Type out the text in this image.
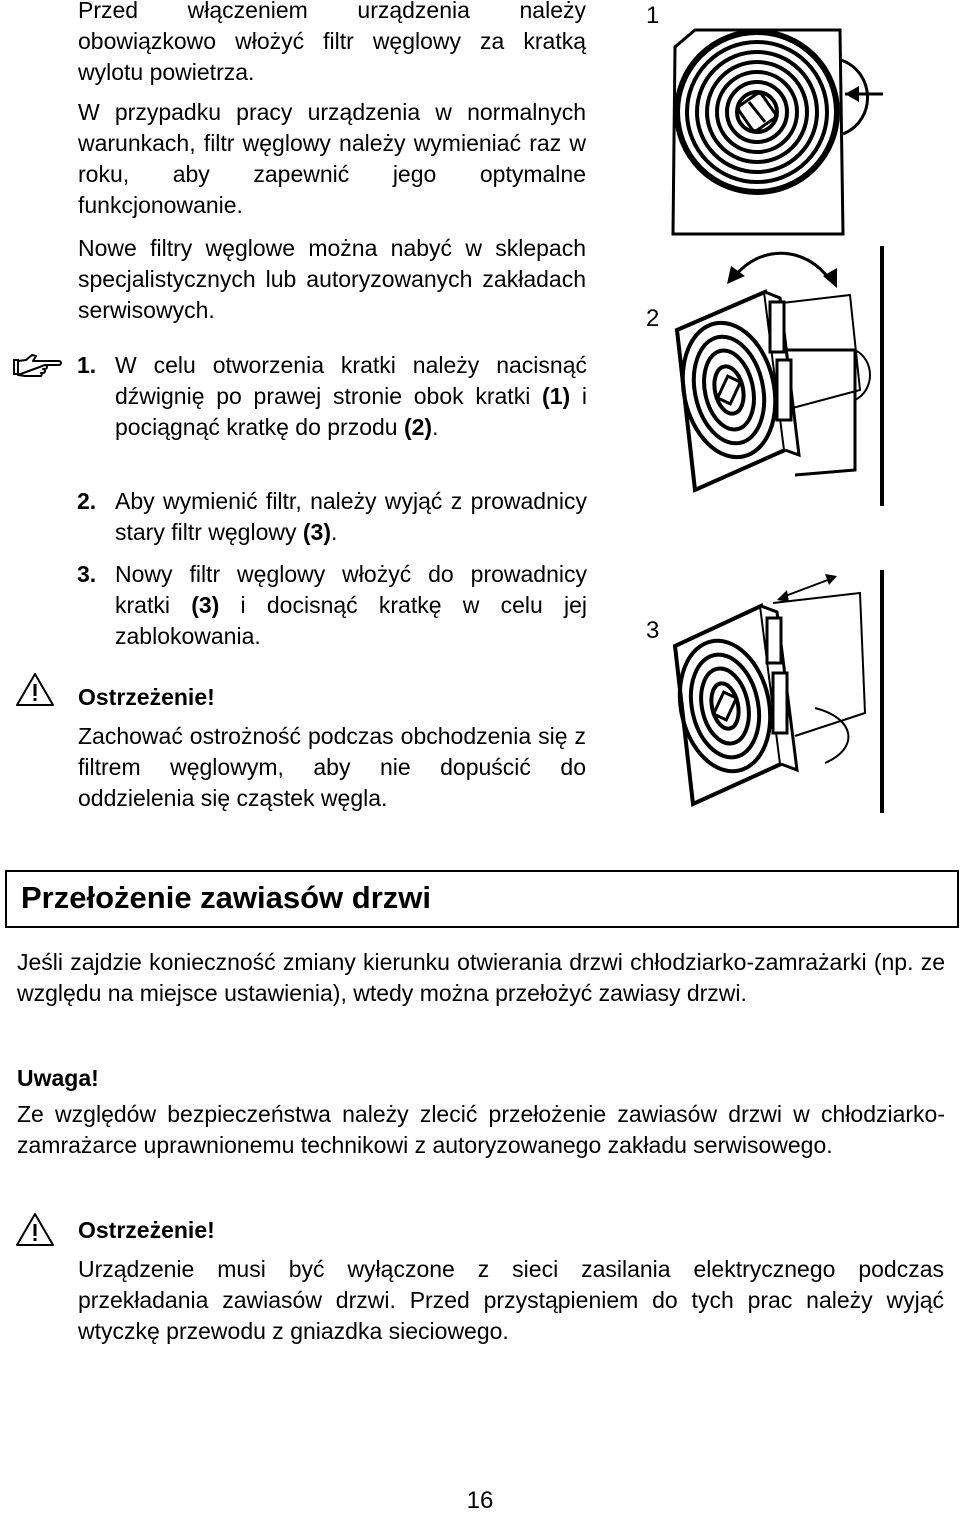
Przed włączeniem urządzenia należy obowiązkowo włożyć filtr węglowy za kratką wylotu powietrza.

W przypadku pracy urządzenia w normalnych warunkach, filtr węglowy należy wymieniać raz w roku, aby zapewnić jego optymalne funkcjonowanie.

Nowe filtry węglowe można nabyć w sklepach specjalistycznych lub autoryzowanych zakładach serwisowych.

1. W celu otworzenia kratki należy nacisnąć dźwignię po prawej stronie obok kratki (1) i pociągnąć kratkę do przodu (2).
2. Aby wymienić filtr, należy wyjąć z prowadnicy stary filtr węglowy (3).
3. Nowy filtr węglowy włożyć do prowadnicy kratki (3) i docisnąć kratkę w celu jej zablokowania.

Ostrzeżenie!

Zachować ostrożność podczas obchodzenia się z filtrem węglowym, aby nie dopuścić do oddzielenia się cząstek węgla.

1
2
3
Przełożenie zawiasów drzwi

Jeśli zajdzie konieczność zmiany kierunku otwierania drzwi chłodziarko-zamrażarki (np. ze względu na miejsce ustawienia), wtedy można przełożyć zawiasy drzwi.

Uwaga!

Ze względów bezpieczeństwa należy zlecić przełożenie zawiasów drzwi w chłodziarko-zamrażarce uprawnionemu technikowi z autoryzowanego zakładu serwisowego.

Ostrzeżenie!

Urządzenie musi być wyłączone z sieci zasilania elektrycznego podczas przekładania zawiasów drzwi. Przed przystąpieniem do tych prac należy wyjąć wtyczkę przewodu z gniazdka sieciowego.

16
